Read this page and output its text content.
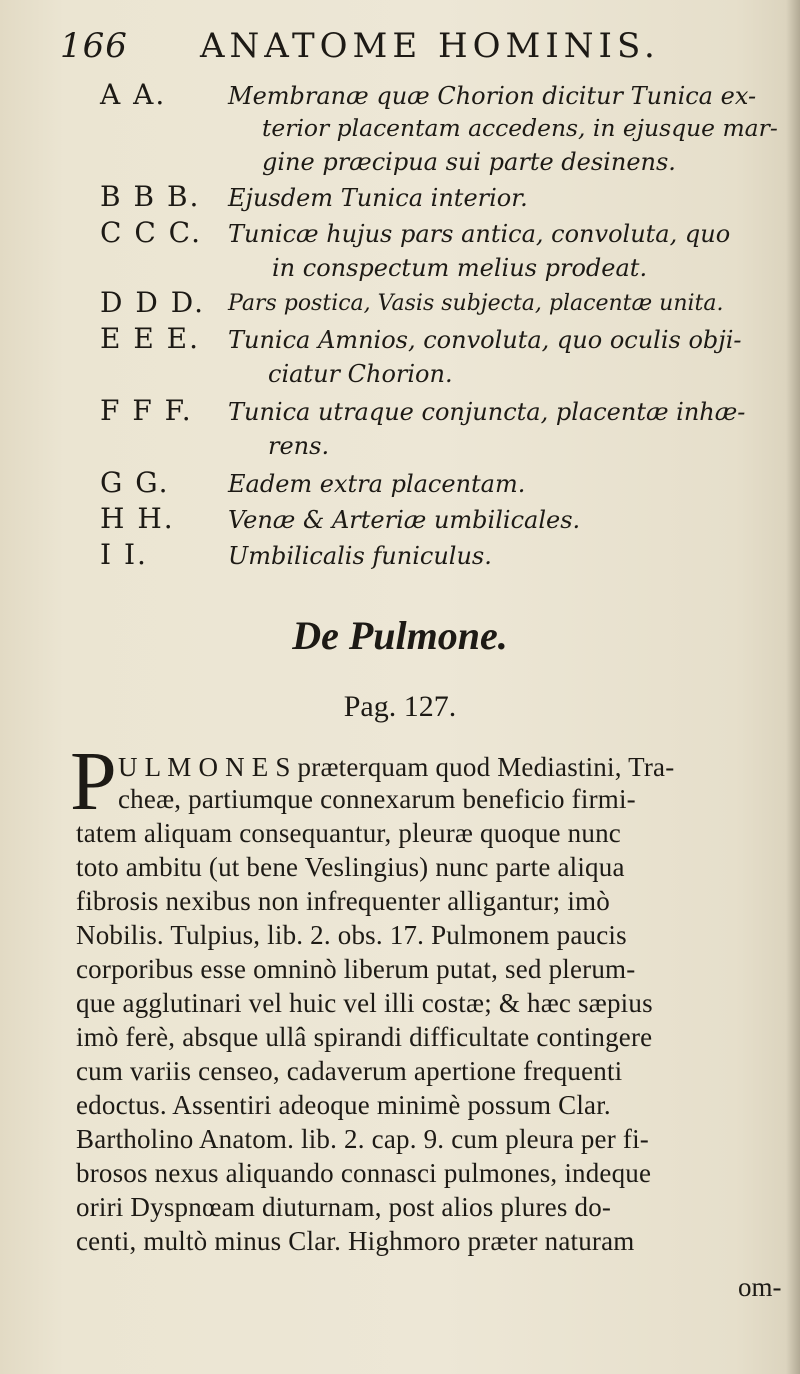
166 ANATOME HOMINIS.
A A.	Membranæ quæ Chorion dicitur Tunica ex-
terior placentam accedens, in ejusque mar-
gine præcipua sui parte desinens.
B B B.	Ejusdem Tunica interior.
C C C.	Tunicæ hujus pars antica, convoluta, quo
in conspectum melius prodeat.
D D D.	Pars postica, Vasis subjecta, placentæ unita.
E E E.	Tunica Amnios, convoluta, quo oculis obji-
ciatur Chorion.
F F F.	Tunica utraque conjuncta, placentæ inhæ-
rens.
G G.	Eadem extra placentam.
H H.	Venæ & Arteriæ umbilicales.
I I.	Umbilicalis funiculus.
De Pulmone.
Pag. 127.
P U L M O N E S præterquam quod Mediastini, Tra-
cheæ, partiumque connexarum beneficio firmi-
tatem aliquam consequantur, pleuræ quoque nunc
toto ambitu (ut bene Veslingius) nunc parte aliqua
fibrosis nexibus non infrequenter alligantur; imò
Nobilis. Tulpius, lib. 2. obs. 17. Pulmonem paucis
corporibus esse omninò liberum putat, sed plerum-
que agglutinari vel huic vel illi costæ; & hæc sæpius
imò ferè, absque ullâ spirandi difficultate contingere
cum variis censeo, cadaverum apertione frequenti
edoctus. Assentiri adeoque minimè possum Clar.
Bartholino Anatom. lib. 2. cap. 9. cum pleura per fi-
brosos nexus aliquando connasci pulmones, indeque
oriri Dyspnœam diuturnam, post alios plures do-
centi, multò minus Clar. Highmoro præter naturam
om-
